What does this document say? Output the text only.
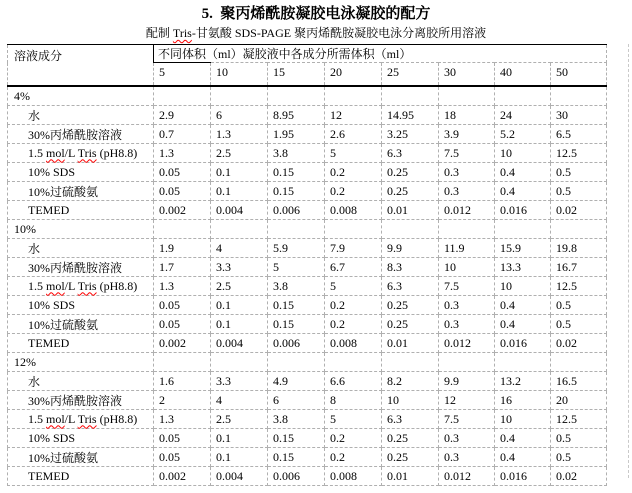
5.  聚丙烯酰胺凝胶电泳凝胶的配方
配制 Tris-甘氨酸 SDS-PAGE 聚丙烯酰胺凝胶电泳分离胶所用溶液
溶液成分	不同体积（ml）凝胶液中各成分所需体积（ml）							
	5	10	15	20	25	30	40	50
4%								
水	2.9	6	8.95	12	14.95	18	24	30
30%丙烯酰胺溶液	0.7	1.3	1.95	2.6	3.25	3.9	5.2	6.5
1.5 mol/L Tris (pH8.8)	1.3	2.5	3.8	5	6.3	7.5	10	12.5
10% SDS	0.05	0.1	0.15	0.2	0.25	0.3	0.4	0.5
10%过硫酸氨	0.05	0.1	0.15	0.2	0.25	0.3	0.4	0.5
TEMED	0.002	0.004	0.006	0.008	0.01	0.012	0.016	0.02
10%								
水	1.9	4	5.9	7.9	9.9	11.9	15.9	19.8
30%丙烯酰胺溶液	1.7	3.3	5	6.7	8.3	10	13.3	16.7
1.5 mol/L Tris (pH8.8)	1.3	2.5	3.8	5	6.3	7.5	10	12.5
10% SDS	0.05	0.1	0.15	0.2	0.25	0.3	0.4	0.5
10%过硫酸氨	0.05	0.1	0.15	0.2	0.25	0.3	0.4	0.5
TEMED	0.002	0.004	0.006	0.008	0.01	0.012	0.016	0.02
12%								
水	1.6	3.3	4.9	6.6	8.2	9.9	13.2	16.5
30%丙烯酰胺溶液	2	4	6	8	10	12	16	20
1.5 mol/L Tris (pH8.8)	1.3	2.5	3.8	5	6.3	7.5	10	12.5
10% SDS	0.05	0.1	0.15	0.2	0.25	0.3	0.4	0.5
10%过硫酸氨	0.05	0.1	0.15	0.2	0.25	0.3	0.4	0.5
TEMED	0.002	0.004	0.006	0.008	0.01	0.012	0.016	0.02
